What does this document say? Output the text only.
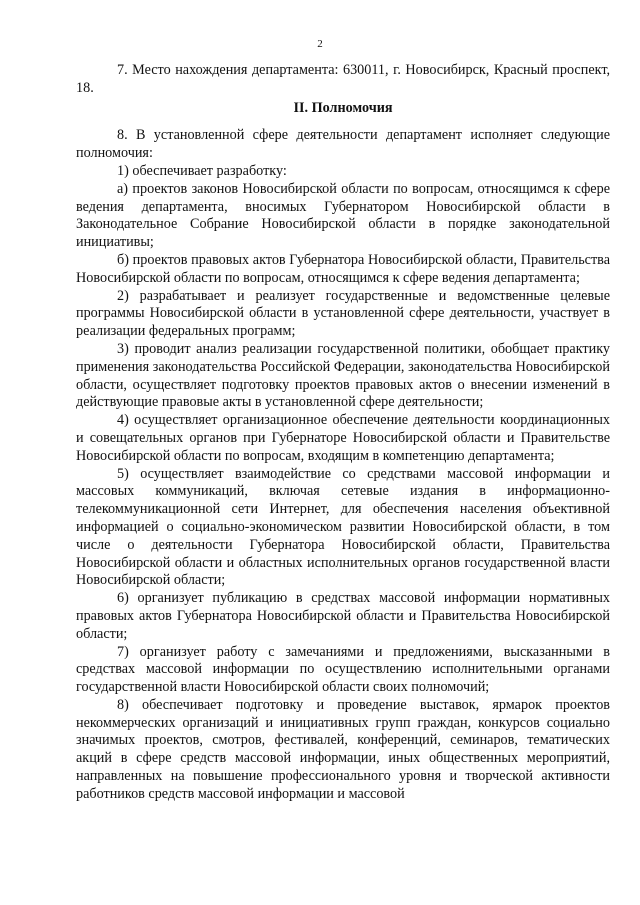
2

7. Место нахождения департамента: 630011, г. Новосибирск, Красный проспект, 18.

II. Полномочия

8. В установленной сфере деятельности департамент исполняет следующие полномочия:

1) обеспечивает разработку:

а) проектов законов Новосибирской области по вопросам, относящимся к сфере ведения департамента, вносимых Губернатором Новосибирской области в Законодательное Собрание Новосибирской области в порядке законодательной инициативы;

б) проектов правовых актов Губернатора Новосибирской области, Правительства Новосибирской области по вопросам, относящимся к сфере ведения департамента;

2) разрабатывает и реализует государственные и ведомственные целевые программы Новосибирской области в установленной сфере деятельности, участвует в реализации федеральных программ;

3) проводит анализ реализации государственной политики, обобщает практику применения законодательства Российской Федерации, законодательства Новосибирской области, осуществляет подготовку проектов правовых актов о внесении изменений в действующие правовые акты в установленной сфере деятельности;

4) осуществляет организационное обеспечение деятельности координационных и совещательных органов при Губернаторе Новосибирской области и Правительстве Новосибирской области по вопросам, входящим в компетенцию департамента;

5) осуществляет взаимодействие со средствами массовой информации и массовых коммуникаций, включая сетевые издания в информационно-телекоммуникационной сети Интернет, для обеспечения населения объективной информацией о социально-экономическом развитии Новосибирской области, в том числе о деятельности Губернатора Новосибирской области, Правительства Новосибирской области и областных исполнительных органов государственной власти Новосибирской области;

6) организует публикацию в средствах массовой информации нормативных правовых актов Губернатора Новосибирской области и Правительства Новосибирской области;

7) организует работу с замечаниями и предложениями, высказанными в средствах массовой информации по осуществлению исполнительными органами государственной власти Новосибирской области своих полномочий;

8) обеспечивает подготовку и проведение выставок, ярмарок проектов некоммерческих организаций и инициативных групп граждан, конкурсов социально значимых проектов, смотров, фестивалей, конференций, семинаров, тематических акций в сфере средств массовой информации, иных общественных мероприятий, направленных на повышение профессионального уровня и творческой активности работников средств массовой информации и массовой
